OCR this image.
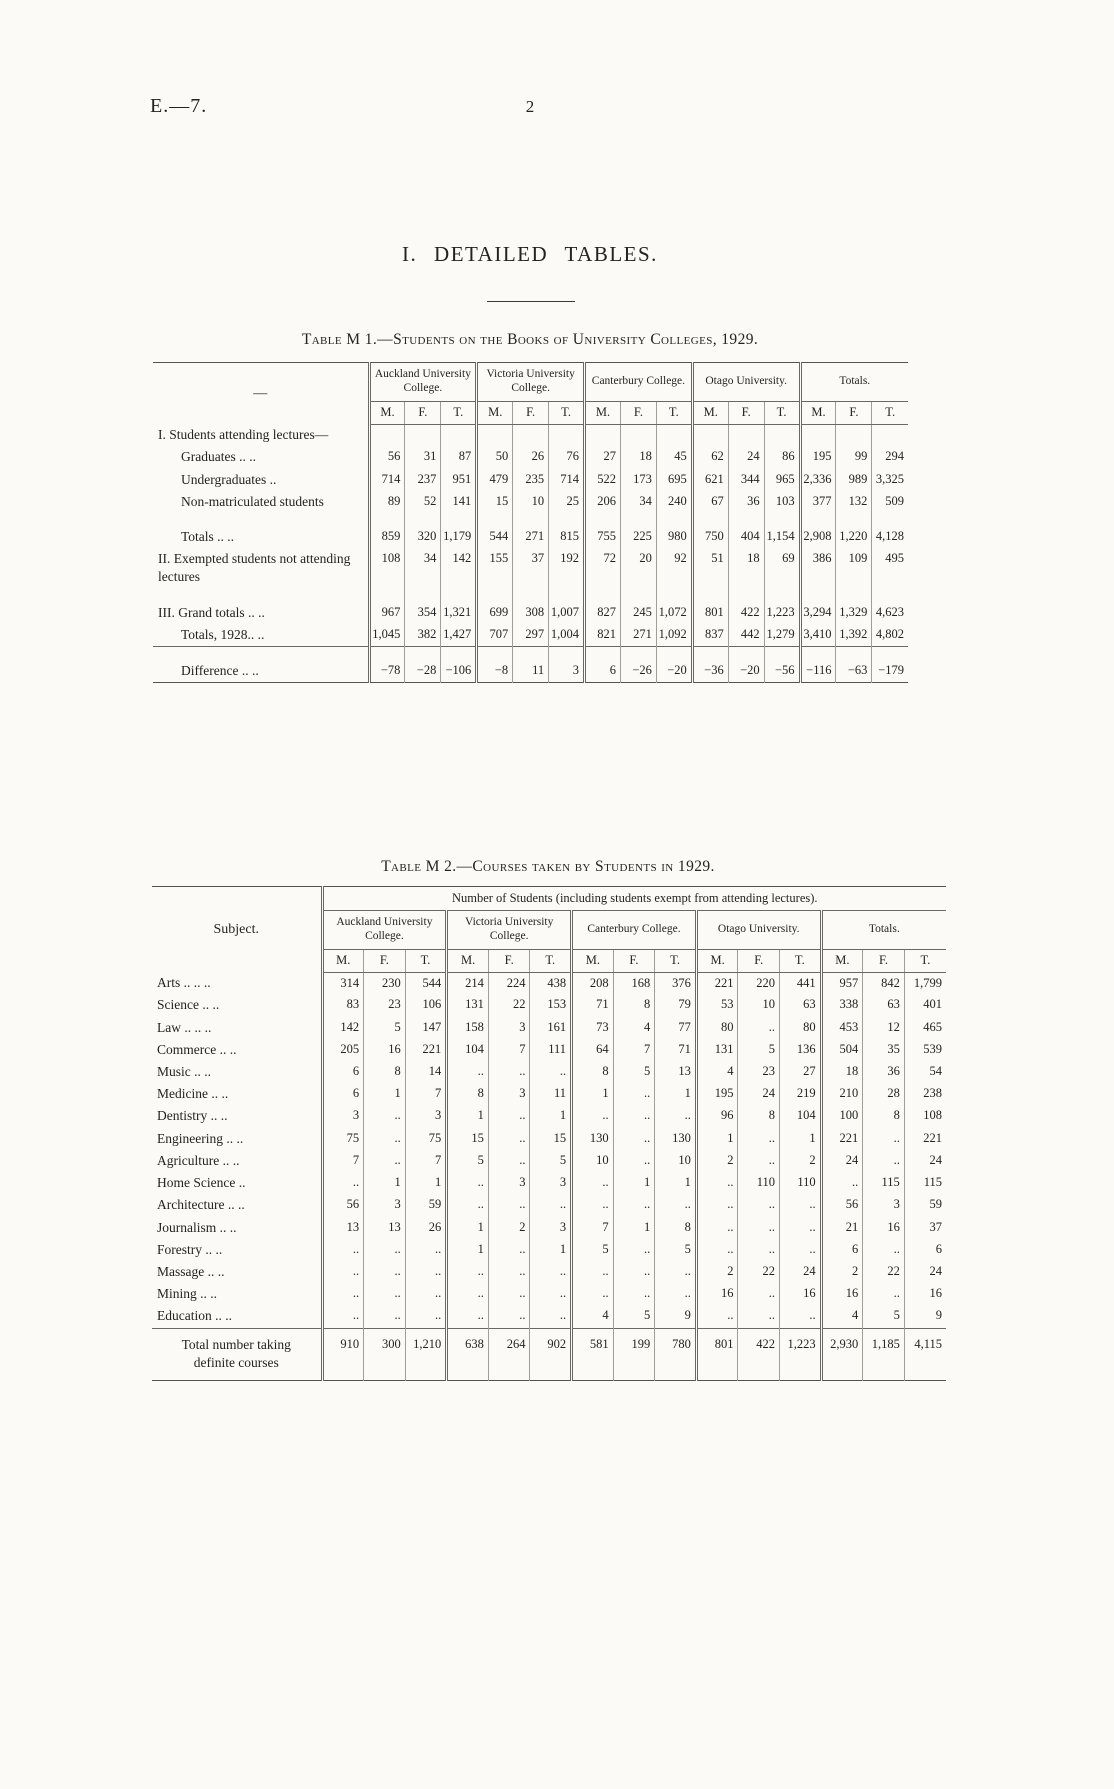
E.—7.	2
I. DETAILED TABLES.
Table M 1.—Students on the Books of University Colleges, 1929.
—	Auckland University College.			Victoria University College.			Canterbury College.			Otago University.			Totals.		
	M.	F.	T.	M.	F.	T.	M.	F.	T.	M.	F.	T.	M.	F.	T.
I. Students attending lectures—															
Graduates .. ..	56	31	87	50	26	76	27	18	45	62	24	86	195	99	294
Undergraduates ..	714	237	951	479	235	714	522	173	695	621	344	965	2,336	989	3,325
Non-matriculated students	89	52	141	15	10	25	206	34	240	67	36	103	377	132	509
Totals .. ..	859	320	1,179	544	271	815	755	225	980	750	404	1,154	2,908	1,220	4,128
II. Exempted students not attending lectures	108	34	142	155	37	192	72	20	92	51	18	69	386	109	495
III. Grand totals .. ..	967	354	1,321	699	308	1,007	827	245	1,072	801	422	1,223	3,294	1,329	4,623
Totals, 1928.. ..	1,045	382	1,427	707	297	1,004	821	271	1,092	837	442	1,279	3,410	1,392	4,802
Difference .. ..	−78	−28	−106	−8	11	3	6	−26	−20	−36	−20	−56	−116	−63	−179
Table M 2.—Courses taken by Students in 1929.
Subject.	Number of Students (including students exempt from attending lectures).														
	Auckland University College.			Victoria University College.			Canterbury College.			Otago University.			Totals.		
	M.	F.	T.	M.	F.	T.	M.	F.	T.	M.	F.	T.	M.	F.	T.
Arts .. .. ..	314	230	544	214	224	438	208	168	376	221	220	441	957	842	1,799
Science .. ..	83	23	106	131	22	153	71	8	79	53	10	63	338	63	401
Law .. .. ..	142	5	147	158	3	161	73	4	77	80	..	80	453	12	465
Commerce .. ..	205	16	221	104	7	111	64	7	71	131	5	136	504	35	539
Music .. ..	6	8	14	..	..	..	8	5	13	4	23	27	18	36	54
Medicine .. ..	6	1	7	8	3	11	1	..	1	195	24	219	210	28	238
Dentistry .. ..	3	..	3	1	..	1	..	..	..	96	8	104	100	8	108
Engineering .. ..	75	..	75	15	..	15	130	..	130	1	..	1	221	..	221
Agriculture .. ..	7	..	7	5	..	5	10	..	10	2	..	2	24	..	24
Home Science ..	..	1	1	..	3	3	..	1	1	..	110	110	..	115	115
Architecture .. ..	56	3	59	..	..	..	..	..	..	..	..	..	56	3	59
Journalism .. ..	13	13	26	1	2	3	7	1	8	..	..	..	21	16	37
Forestry .. ..	..	..	..	1	..	1	5	..	5	..	..	..	6	..	6
Massage .. ..	..	..	..	..	..	..	..	..	..	2	22	24	2	22	24
Mining .. ..	..	..	..	..	..	..	..	..	..	16	..	16	16	..	16
Education .. ..	..	..	..	..	..	..	4	5	9	..	..	..	4	5	9
Total number taking definite courses	910	300	1,210	638	264	902	581	199	780	801	422	1,223	2,930	1,185	4,115
